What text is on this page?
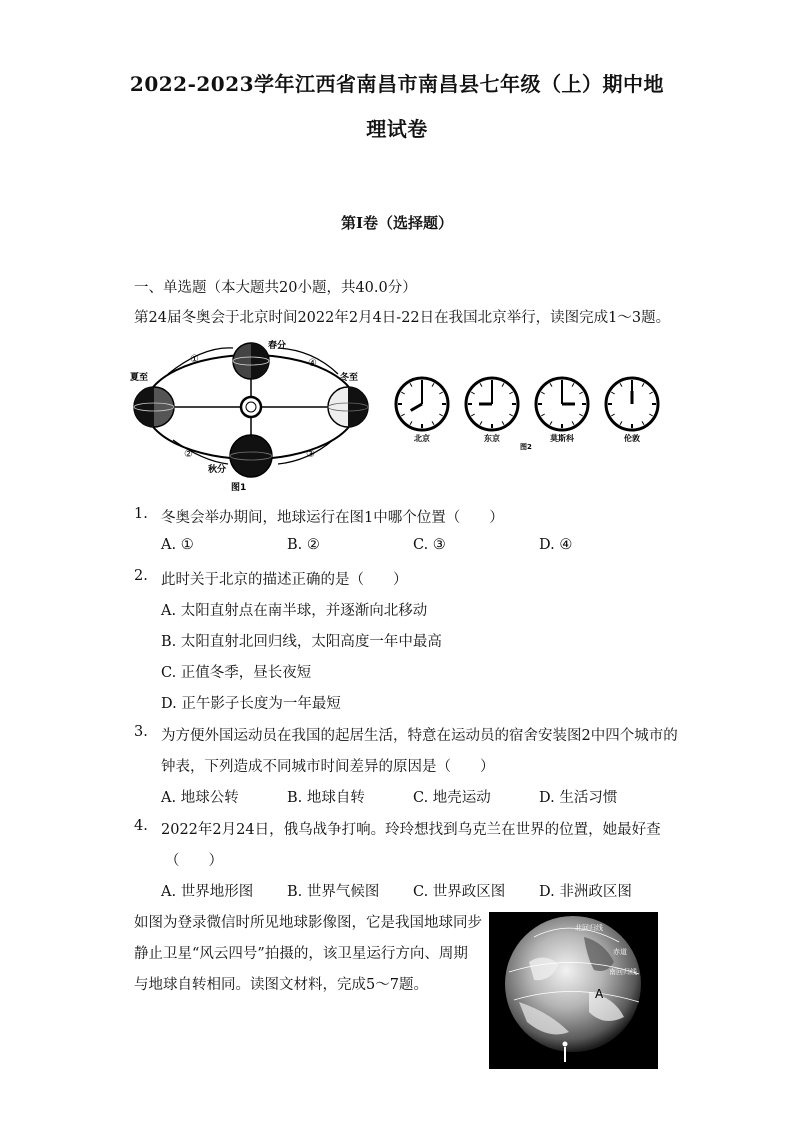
2022-2023学年江西省南昌市南昌县七年级（上）期中地
理试卷
第I卷（选择题）
一、单选题（本大题共20小题，共40.0分）
第24届冬奥会于北京时间2022年2月4日-22日在我国北京举行，读图完成1～3题。
春分
夏至	冬至
秋分
①
②	③
④
图1
北京	东京	莫斯科	伦敦
图2
1. 冬奥会举办期间，地球运行在图1中哪个位置（　　）
A. ①	B. ②	C. ③	D. ④
2. 此时关于北京的描述正确的是（　　）
A. 太阳直射点在南半球，并逐渐向北移动
B. 太阳直射北回归线，太阳高度一年中最高
C. 正值冬季，昼长夜短
D. 正午影子长度为一年最短
3. 为方便外国运动员在我国的起居生活，特意在运动员的宿舍安装图2中四个城市的
钟表，下列造成不同城市时间差异的原因是（　　）
A. 地球公转	B. 地球自转	C. 地壳运动	D. 生活习惯
4. 2022年2月24日，俄乌战争打响。玲玲想找到乌克兰在世界的位置，她最好查
（　　）
A. 世界地形图 B. 世界气候图 C. 世界政区图 D. 非洲政区图
如图为登录微信时所见地球影像图，它是我国地球同步
静止卫星“风云四号”拍摄的，该卫星运行方向、周期
与地球自转相同。读图文材料，完成5～7题。
北回归线
赤道
南回归线
A
